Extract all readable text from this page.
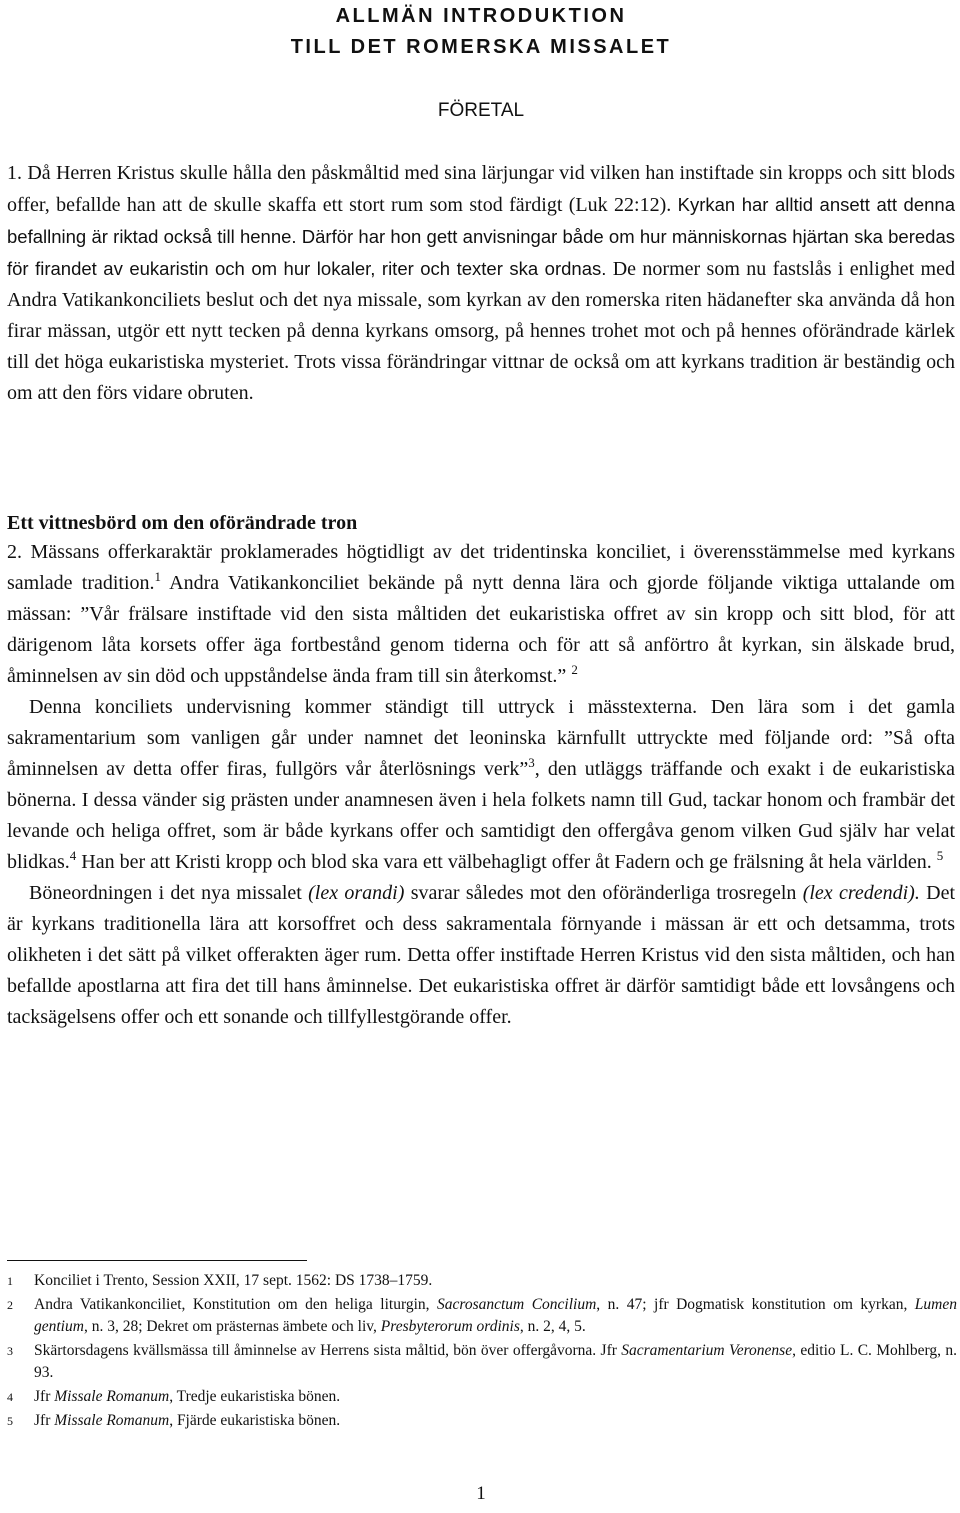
ALLMÄN INTRODUKTION
TILL DET ROMERSKA MISSALET
FÖRETAL

1. Då Herren Kristus skulle hålla den påskmåltid med sina lärjungar vid vilken han instiftade sin kropps och sitt blods offer, befallde han att de skulle skaffa ett stort rum som stod färdigt (Luk 22:12). Kyrkan har alltid ansett att denna befallning är riktad också till henne. Därför har hon gett anvisningar både om hur människornas hjärtan ska beredas för firandet av eukaristin och om hur lokaler, riter och texter ska ordnas. De normer som nu fastslås i enlighet med Andra Vatikankonciliets beslut och det nya missale, som kyrkan av den romerska riten hädanefter ska använda då hon firar mässan, utgör ett nytt tecken på denna kyrkans omsorg, på hennes trohet mot och på hennes oförändrade kärlek till det höga eukaristiska mysteriet. Trots vissa förändringar vittnar de också om att kyrkans tradition är beständig och om att den förs vidare obruten.

Ett vittnesbörd om den oförändrade tron

2. Mässans offerkaraktär proklamerades högtidligt av det tridentinska konciliet, i överensstämmelse med kyrkans samlade tradition.$^1$ Andra Vatikankonciliet bekände på nytt denna lära och gjorde följande viktiga uttalande om mässan: ”Vår frälsare instiftade vid den sista måltiden det eukaristiska offret av sin kropp och sitt blod, för att därigenom låta korsets offer äga fortbestånd genom tiderna och för att så anförtro åt kyrkan, sin älskade brud, åminnelsen av sin död och uppståndelse ända fram till sin återkomst.” $^2$

Denna konciliets undervisning kommer ständigt till uttryck i mässtexterna. Den lära som i det gamla sakramentarium som vanligen går under namnet det leoninska kärnfullt uttryckte med följande ord: ”Så ofta åminnelsen av detta offer firas, fullgörs vår återlösnings verk”$^3$, den utläggs träffande och exakt i de eukaristiska bönerna. I dessa vänder sig prästen under anamnesen även i hela folkets namn till Gud, tackar honom och frambär det levande och heliga offret, som är både kyrkans offer och samtidigt den offergåva genom vilken Gud själv har velat blidkas.$^4$ Han ber att Kristi kropp och blod ska vara ett välbehagligt offer åt Fadern och ge frälsning åt hela världen. $^5$

Böneordningen i det nya missalet (lex orandi) svarar således mot den oföränderliga trosregeln (lex credendi). Det är kyrkans traditionella lära att korsoffret och dess sakramentala förnyande i mässan är ett och detsamma, trots olikheten i det sätt på vilket offerakten äger rum. Detta offer instiftade Herren Kristus vid den sista måltiden, och han befallde apostlarna att fira det till hans åminnelse. Det eukaristiska offret är därför samtidigt både ett lovsångens och tacksägelsens offer och ett sonande och tillfyllestgörande offer.

1 Konciliet i Trento, Session XXII, 17 sept. 1562: DS 1738–1759.
2 Andra Vatikankonciliet, Konstitution om den heliga liturgin, Sacrosanctum Concilium, n. 47; jfr Dogmatisk konstitution om kyrkan, Lumen gentium, n. 3, 28; Dekret om prästernas ämbete och liv, Presbyterorum ordinis, n. 2, 4, 5.
3 Skärtorsdagens kvällsmässa till åminnelse av Herrens sista måltid, bön över offergåvorna. Jfr Sacramentarium Veronense, editio L. C. Mohlberg, n. 93.
4 Jfr Missale Romanum, Tredje eukaristiska bönen.
5 Jfr Missale Romanum, Fjärde eukaristiska bönen.
1
